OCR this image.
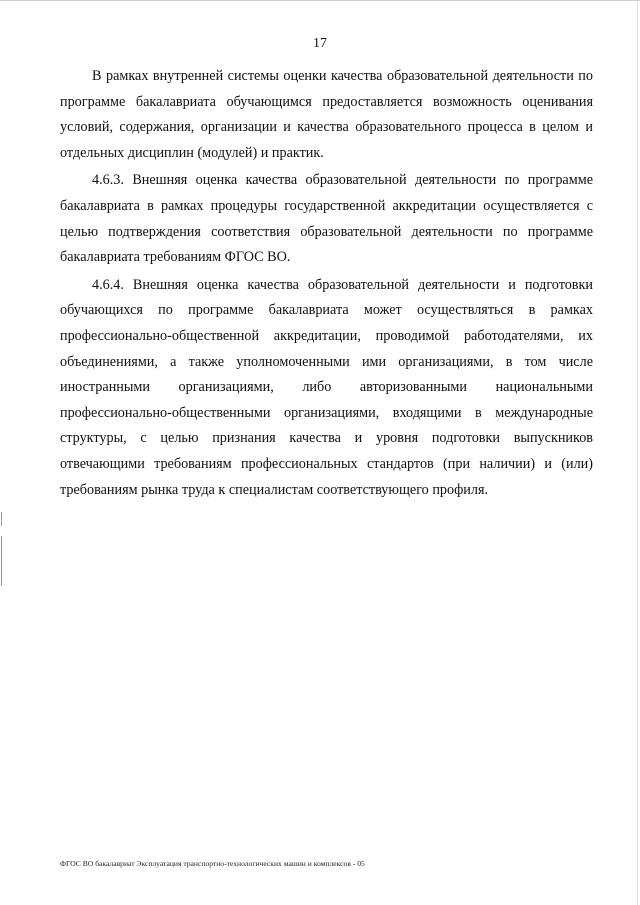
17

В рамках внутренней системы оценки качества образовательной деятельности по программе бакалавриата обучающимся предоставляется возможность оценивания условий, содержания, организации и качества образовательного процесса в целом и отдельных дисциплин (модулей) и практик.

4.6.3. Внешняя оценка качества образовательной деятельности по программе бакалавриата в рамках процедуры государственной аккредитации осуществляется с целью подтверждения соответствия образовательной деятельности по программе бакалавриата требованиям ФГОС ВО.

4.6.4. Внешняя оценка качества образовательной деятельности и подготовки обучающихся по программе бакалавриата может осуществляться в рамках профессионально-общественной аккредитации, проводимой работодателями, их объединениями, а также уполномоченными ими организациями, в том числе иностранными организациями, либо авторизованными национальными профессионально-общественными организациями, входящими в международные структуры, с целью признания качества и уровня подготовки выпускников отвечающими требованиям профессиональных стандартов (при наличии) и (или) требованиям рынка труда к специалистам соответствующего профиля.

ФГОС ВО бакалавриат Эксплуатация транспортно-технологических машин и комплексов - 05
